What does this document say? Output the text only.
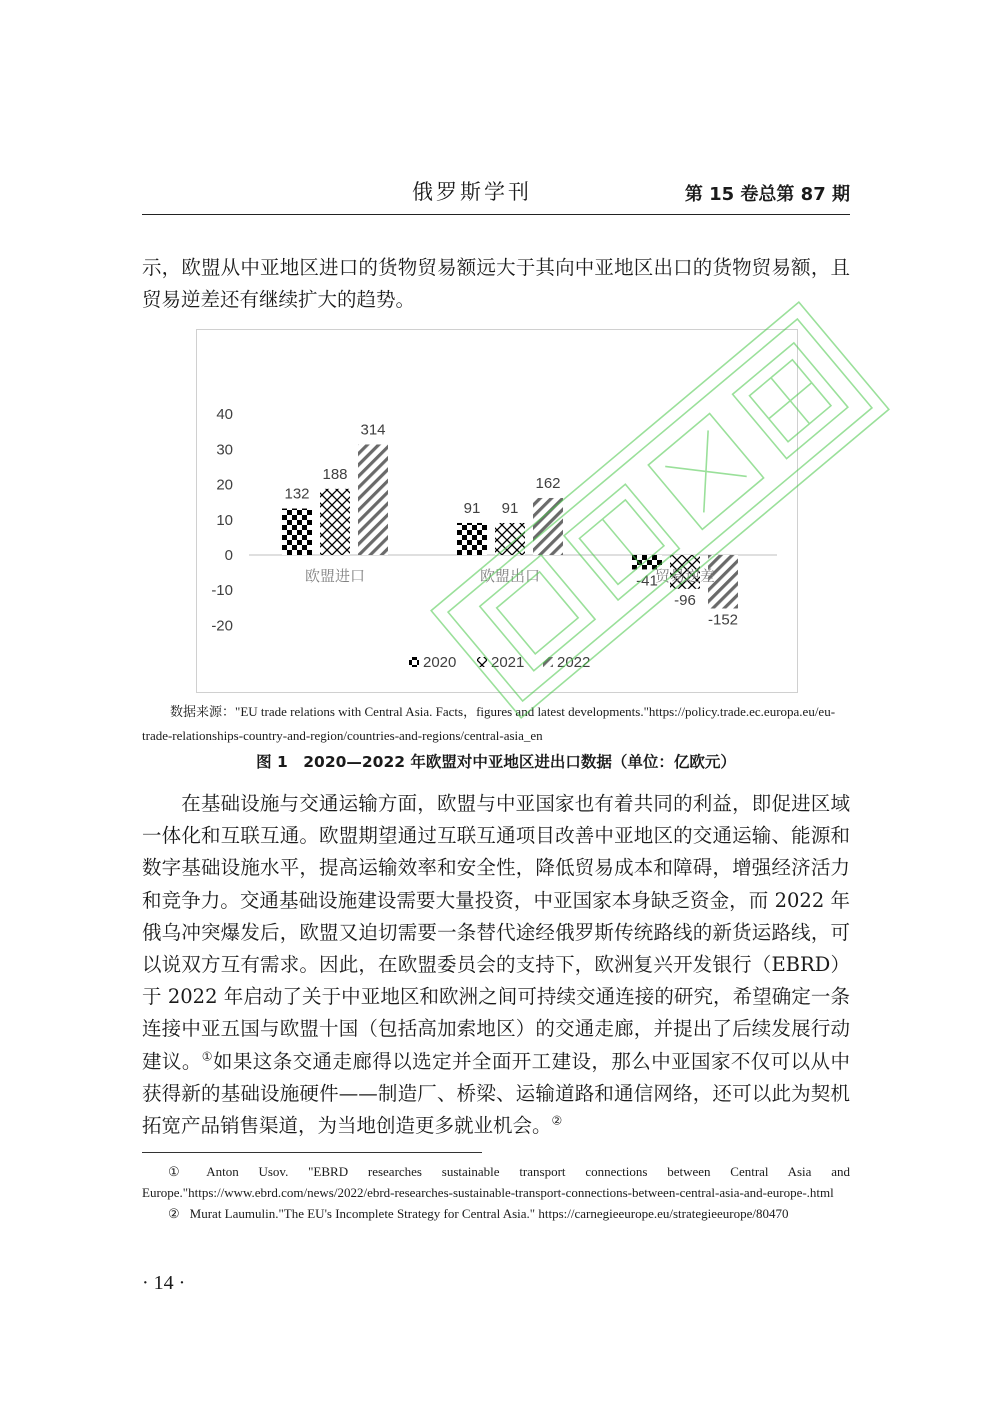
俄罗斯学刊	第 15 卷总第 87 期

示，欧盟从中亚地区进口的货物贸易额远大于其向中亚地区出口的货物贸易额，且贸易逆差还有继续扩大的趋势。

40
30
20
10
0
-10
-20
欧盟进口	欧盟出口	贸易逆差
132
91
-41
188
91
-96
314
162
-152
2020 2021 2022
数据来源："EU trade relations with Central Asia. Facts，figures and latest developments."https://policy.trade.ec.europa.eu/eu-trade-relationships-country-and-region/countries-and-regions/central-asia_en
图 1　2020—2022 年欧盟对中亚地区进出口数据（单位：亿欧元）

在基础设施与交通运输方面，欧盟与中亚国家也有着共同的利益，即促进区域一体化和互联互通。欧盟期望通过互联互通项目改善中亚地区的交通运输、能源和数字基础设施水平，提高运输效率和安全性，降低贸易成本和障碍，增强经济活力和竞争力。交通基础设施建设需要大量投资，中亚国家本身缺乏资金，而 2022 年俄乌冲突爆发后，欧盟又迫切需要一条替代途经俄罗斯传统路线的新货运路线，可以说双方互有需求。因此，在欧盟委员会的支持下，欧洲复兴开发银行（EBRD）于 2022 年启动了关于中亚地区和欧洲之间可持续交通连接的研究，希望确定一条连接中亚五国与欧盟十国（包括高加索地区）的交通走廊，并提出了后续发展行动建议。①如果这条交通走廊得以选定并全面开工建设，那么中亚国家不仅可以从中获得新的基础设施硬件——制造厂、桥梁、运输道路和通信网络，还可以此为契机拓宽产品销售渠道，为当地创造更多就业机会。②

① Anton Usov. "EBRD researches sustainable transport connections between Central Asia and Europe."https://www.ebrd.com/news/2022/ebrd-researches-sustainable-transport-connections-between-central-asia-and-europe-.html
② Murat Laumulin."The EU's Incomplete Strategy for Central Asia." https://carnegieeurope.eu/strategieeurope/80470
· 14 ·
